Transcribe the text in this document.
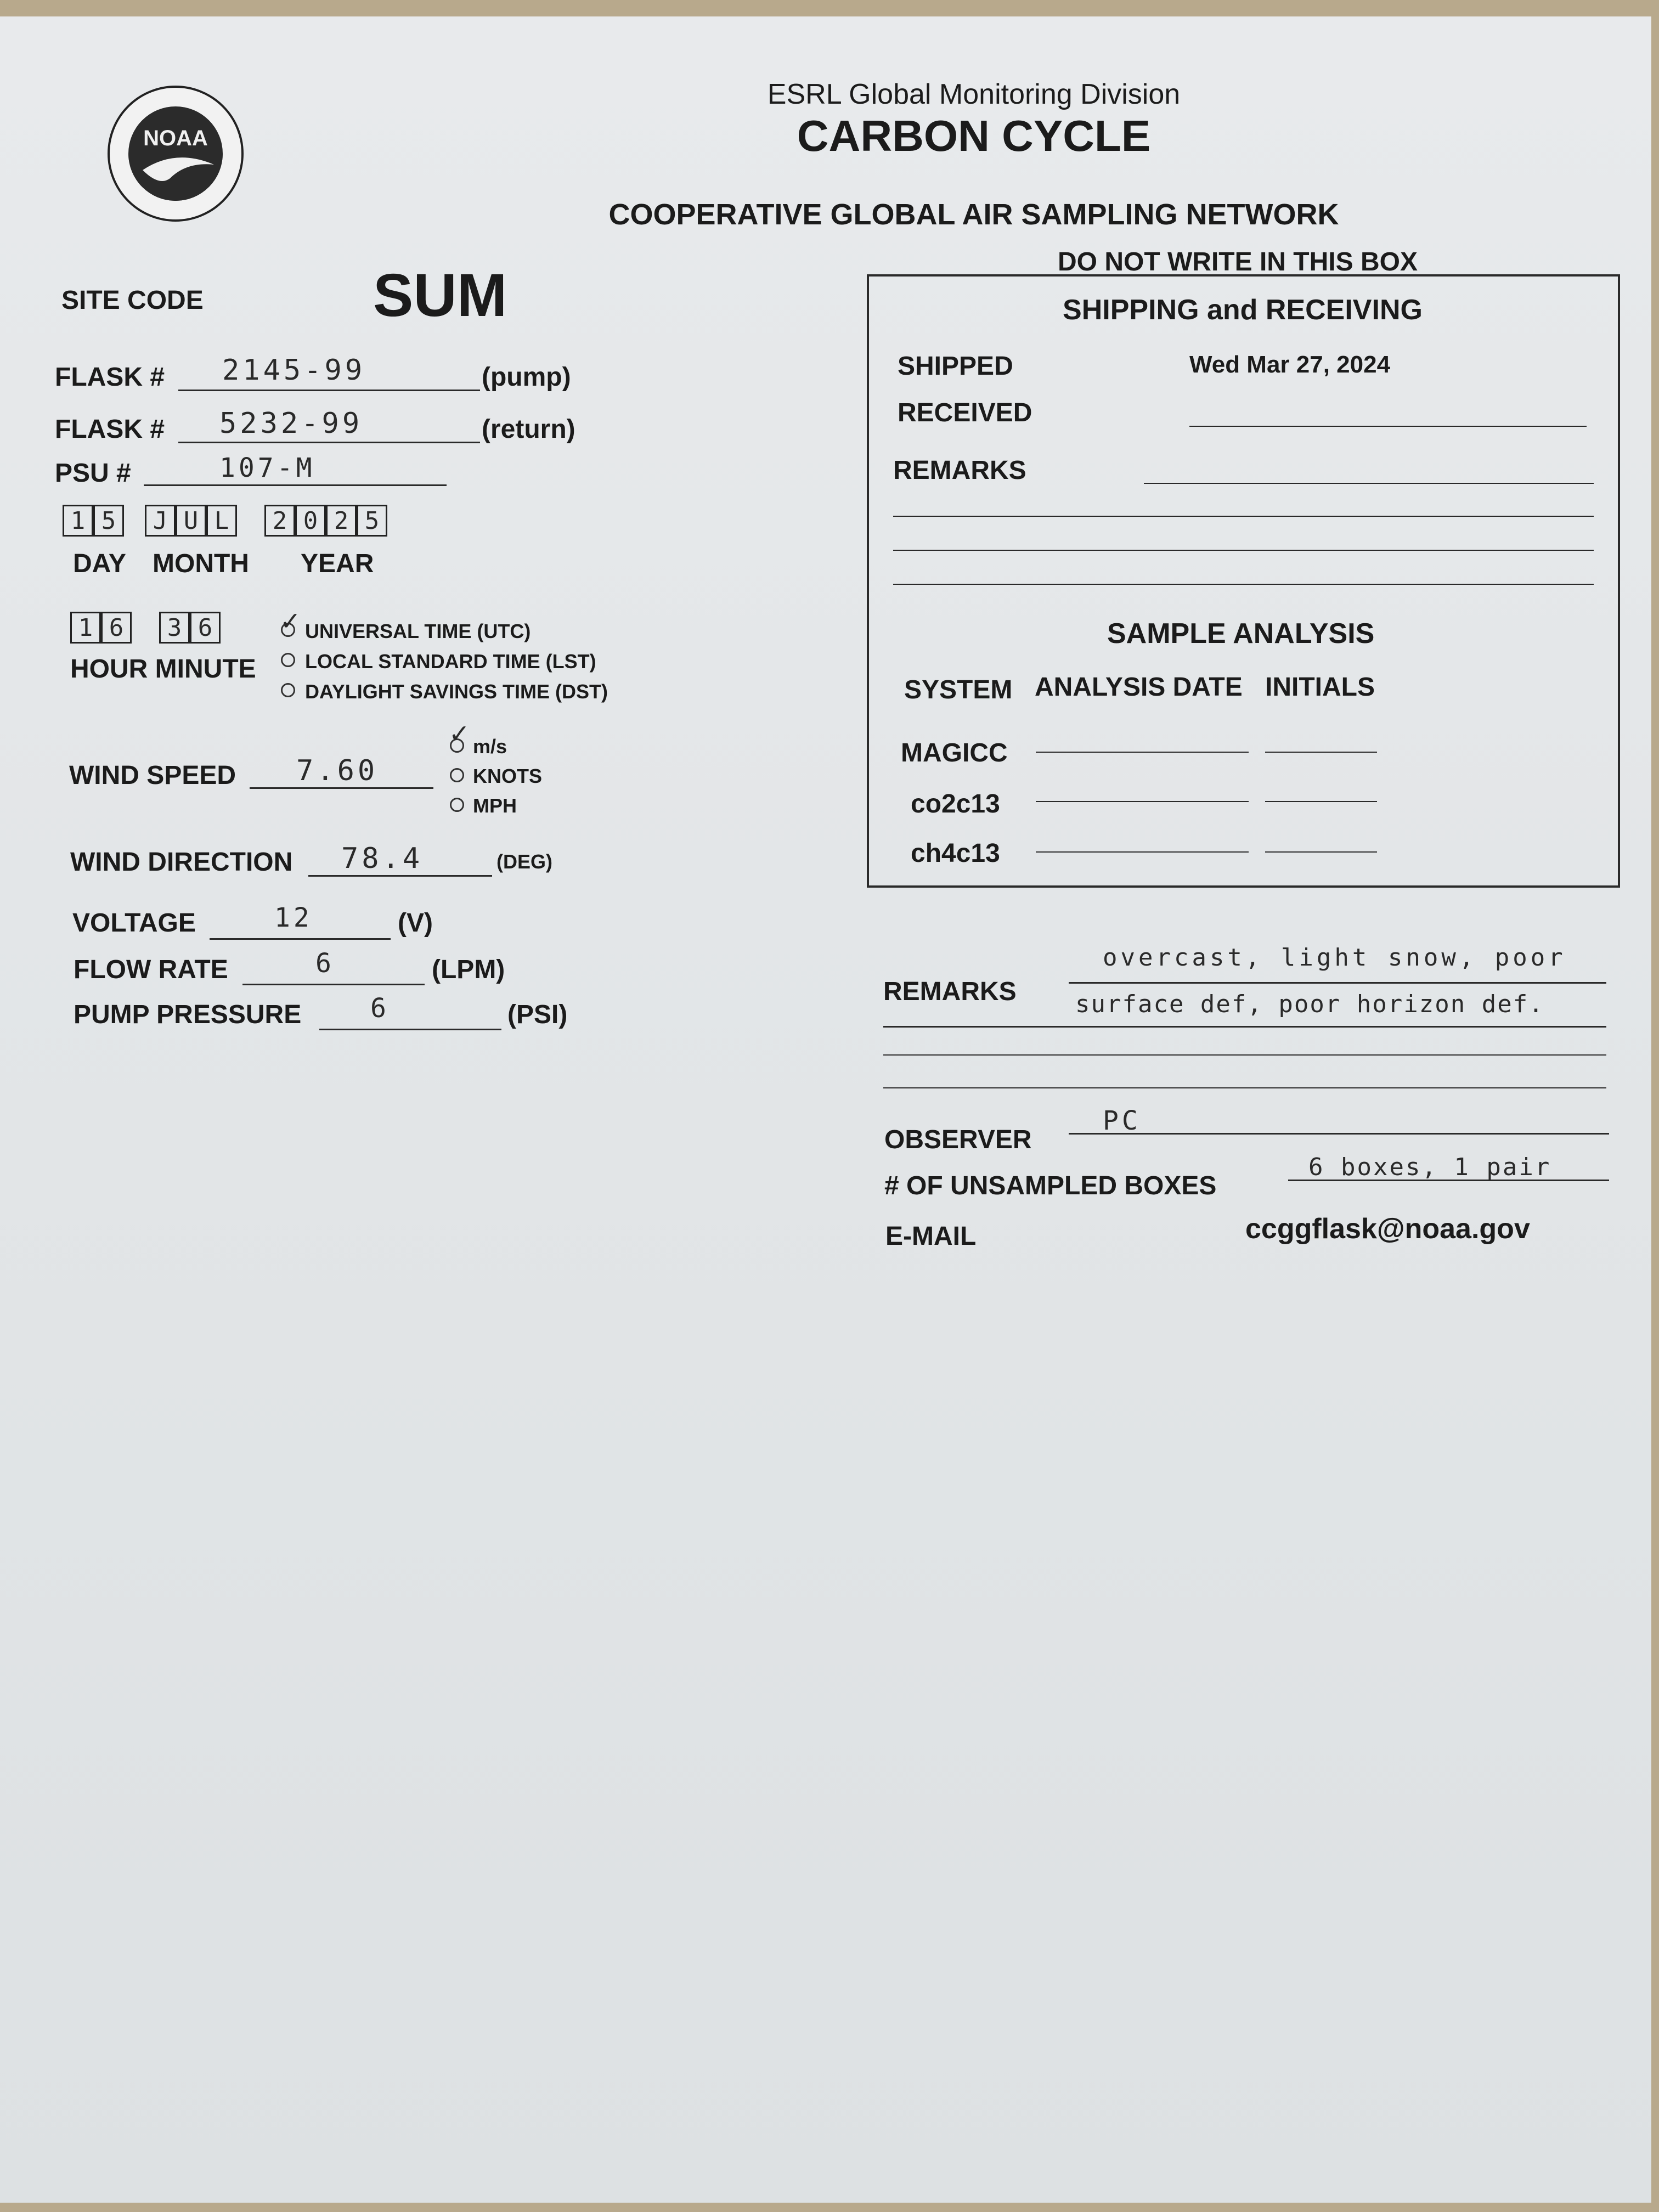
NOAA
ESRL Global Monitoring Division
CARBON CYCLE
COOPERATIVE GLOBAL AIR SAMPLING NETWORK
SITE CODE	SUM
FLASK # 2145-99	(pump)
FLASK # 5232-99	(return)
PSU #	107-M
1 5	J U L	2 0 2 5
DAY MONTH YEAR
1 6	3 6
HOUR MINUTE
✓ UNIVERSAL TIME (UTC)
LOCAL STANDARD TIME (LST)
DAYLIGHT SAVINGS TIME (DST)
WIND SPEED 7.60
✓ m/s
KNOTS
MPH
WIND DIRECTION 78.4	(DEG)
VOLTAGE	12	(V)
FLOW RATE	6	(LPM)
PUMP PRESSURE	6	(PSI)
DO NOT WRITE IN THIS BOX
SHIPPING and RECEIVING
SHIPPED	Wed Mar 27, 2024
RECEIVED
REMARKS
SAMPLE ANALYSIS
SYSTEM ANALYSIS DATE INITIALS
MAGICC
co2c13
ch4c13
REMARKS
overcast, light snow, poor
surface def, poor horizon def.
OBSERVER
PC
# OF UNSAMPLED BOXES
6 boxes, 1 pair
E-MAIL	ccggflask@noaa.gov
